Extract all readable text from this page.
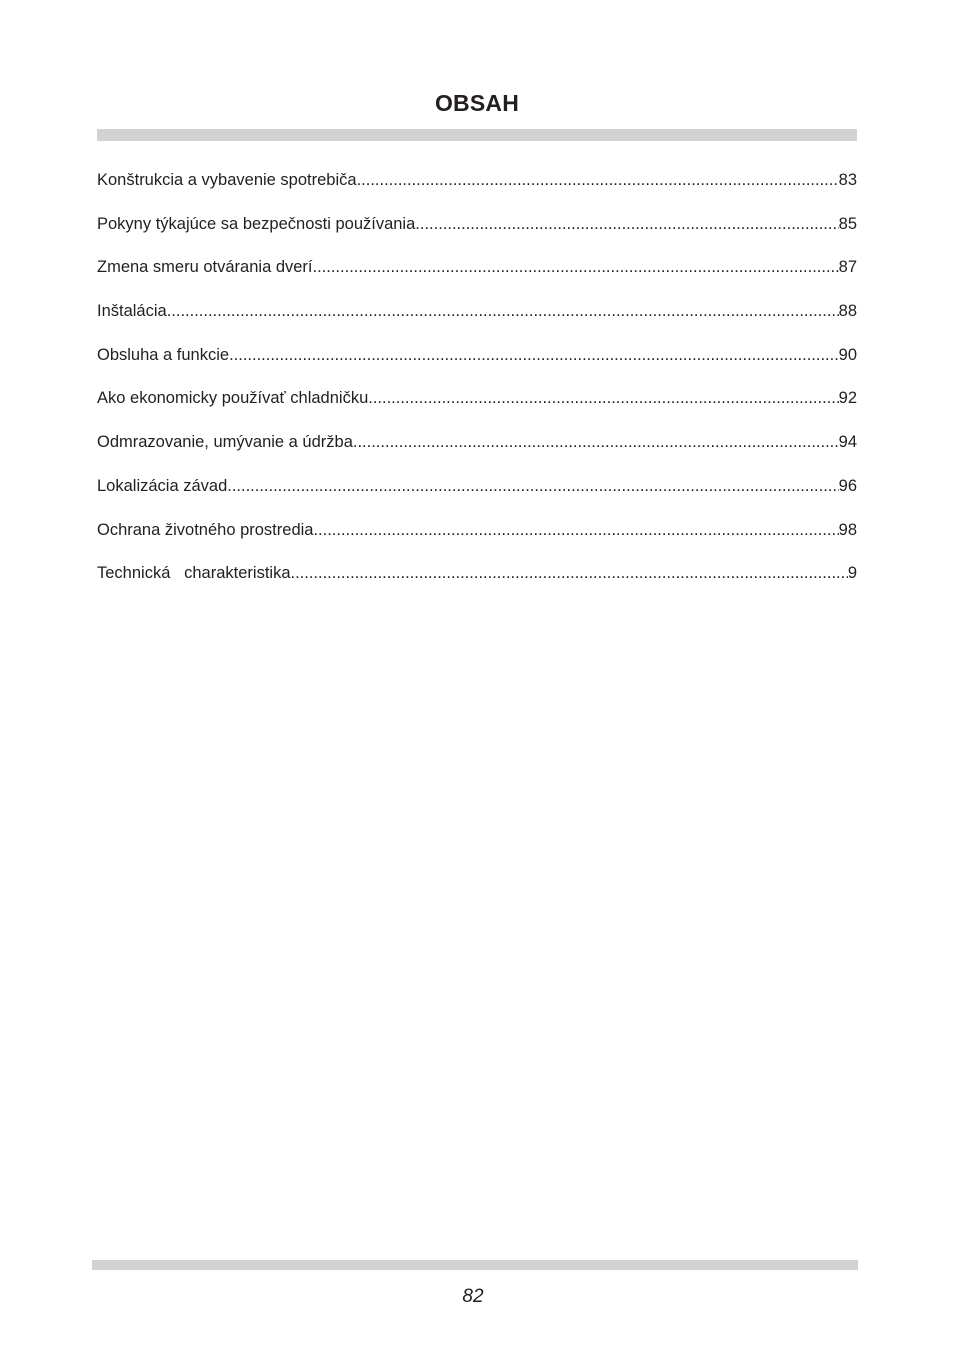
OBSAH
Konštrukcia a vybavenie spotrebiča .....	83
Pokyny týkajúce sa bezpečnosti používania .....	85
Zmena smeru otvárania dverí .....	87
Inštalácia .....	88
Obsluha a funkcie .....	90
Ako ekonomicky používať chladničku .....	92
Odmrazovanie, umývanie a údržba .....	94
Lokalizácia závad .....	96
Ochrana životného prostredia .....	98
Technická   charakteristika .....	9
82
